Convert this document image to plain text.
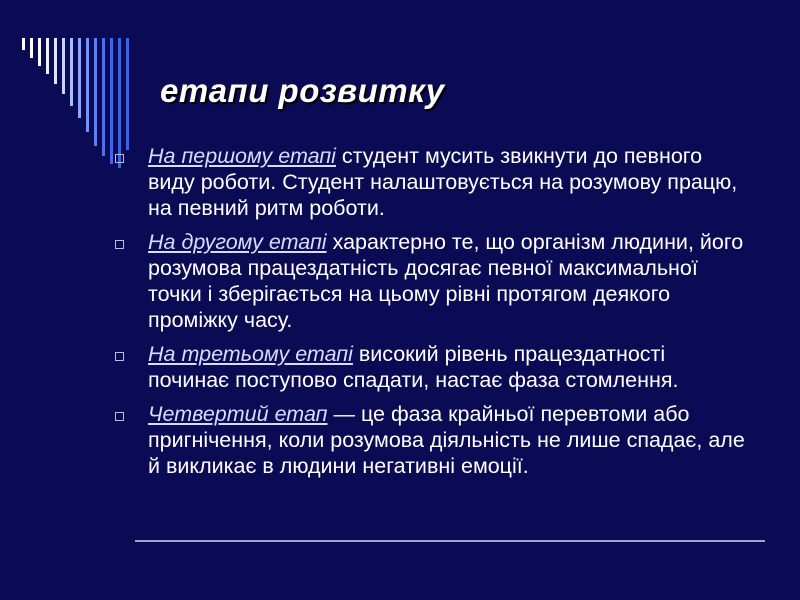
етапи розвитку
На першому етапі студент мусить звикнути до певного виду роботи. Студент налаштовується на розумову працю, на певний ритм роботи.
На другому етапі характерно те, що організм людини, його розумова працездатність досягає певної максимальної точки і зберігається на цьому рівні протягом деякого проміжку часу.
На третьому етапі високий рівень працездатності починає поступово спадати, настає фаза стомлення.
Четвертий етап — це фаза крайньої перевтоми або пригнічення, коли розумова діяльність не лише спадає, але й викликає в людини негативні емоції.
